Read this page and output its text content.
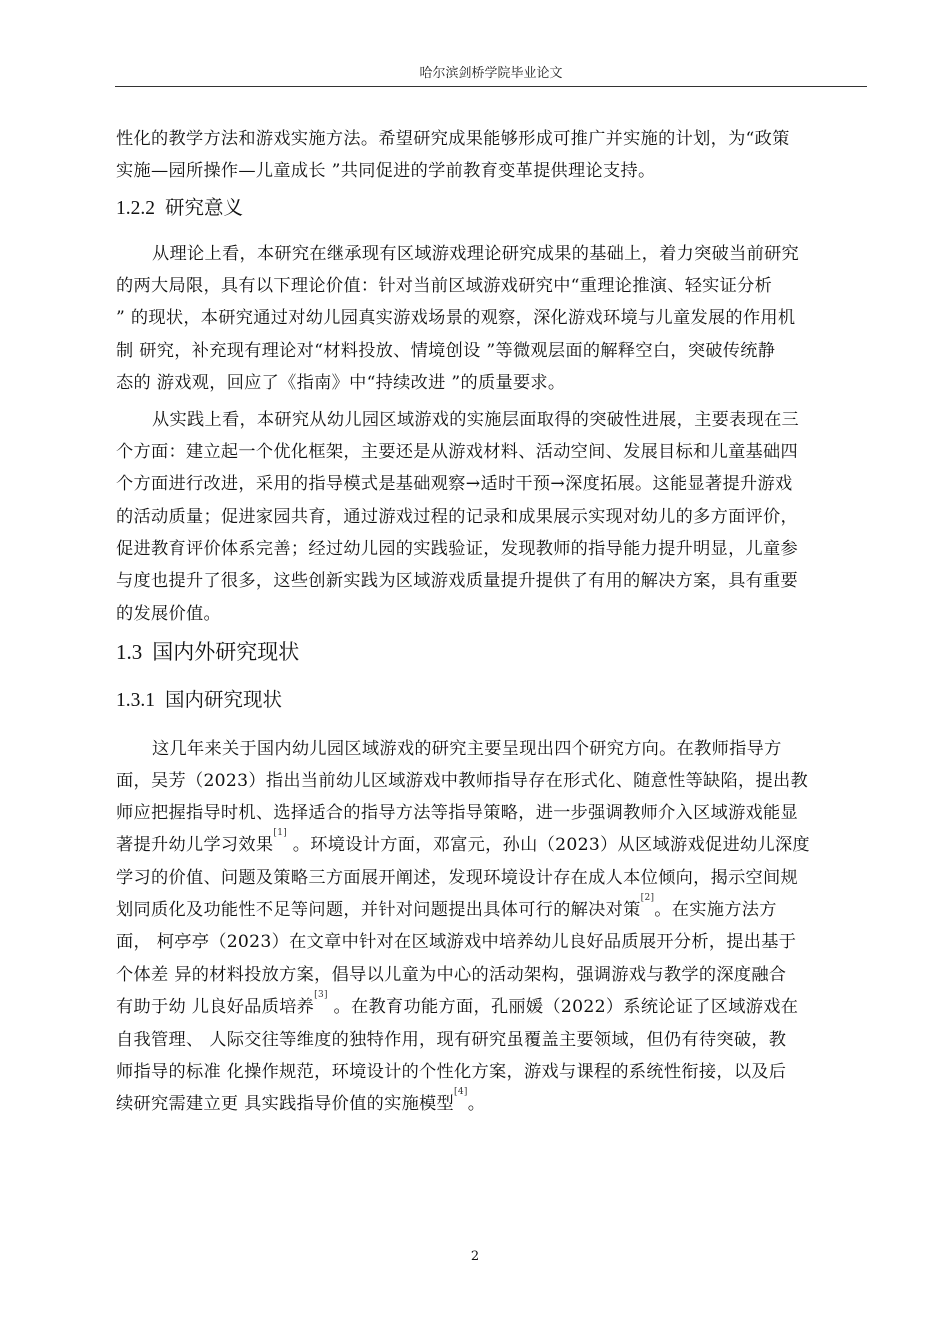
哈尔滨剑桥学院毕业论文
性化的教学方法和游戏实施方法。希望研究成果能够形成可推广并实施的计划，为“政策
实施—园所操作—儿童成长 ”共同促进的学前教育变革提供理论支持。
1.2.2 研究意义
从理论上看，本研究在继承现有区域游戏理论研究成果的基础上，着力突破当前研究
的两大局限，具有以下理论价值：针对当前区域游戏研究中“重理论推演、轻实证分析
” 的现状，本研究通过对幼儿园真实游戏场景的观察，深化游戏环境与儿童发展的作用机
制 研究，补充现有理论对“材料投放、情境创设 ”等微观层面的解释空白，突破传统静
态的 游戏观，回应了《指南》中“持续改进 ”的质量要求。
从实践上看，本研究从幼儿园区域游戏的实施层面取得的突破性进展，主要表现在三
个方面：建立起一个优化框架，主要还是从游戏材料、活动空间、发展目标和儿童基础四
个方面进行改进，采用的指导模式是基础观察→适时干预→深度拓展。这能显著提升游戏
的活动质量；促进家园共育，通过游戏过程的记录和成果展示实现对幼儿的多方面评价，
促进教育评价体系完善；经过幼儿园的实践验证，发现教师的指导能力提升明显，儿童参
与度也提升了很多，这些创新实践为区域游戏质量提升提供了有用的解决方案，具有重要
的发展价值。
1.3 国内外研究现状
1.3.1 国内研究现状
这几年来关于国内幼儿园区域游戏的研究主要呈现出四个研究方向。在教师指导方
面，吴芳（2023）指出当前幼儿区域游戏中教师指导存在形式化、随意性等缺陷，提出教
师应把握指导时机、选择适合的指导方法等指导策略，进一步强调教师介入区域游戏能显
著提升幼儿学习效果[1] 。环境设计方面，邓富元，孙山（2023）从区域游戏促进幼儿深度
学习的价值、问题及策略三方面展开阐述，发现环境设计存在成人本位倾向，揭示空间规
划同质化及功能性不足等问题，并针对问题提出具体可行的解决对策[2]。在实施方法方
面， 柯亭亭（2023）在文章中针对在区域游戏中培养幼儿良好品质展开分析，提出基于
个体差 异的材料投放方案，倡导以儿童为中心的活动架构，强调游戏与教学的深度融合
有助于幼 儿良好品质培养[3] 。在教育功能方面，孔丽媛（2022）系统论证了区域游戏在
自我管理、 人际交往等维度的独特作用，现有研究虽覆盖主要领域，但仍有待突破，教
师指导的标准 化操作规范，环境设计的个性化方案，游戏与课程的系统性衔接，以及后
续研究需建立更 具实践指导价值的实施模型[4]。
2
